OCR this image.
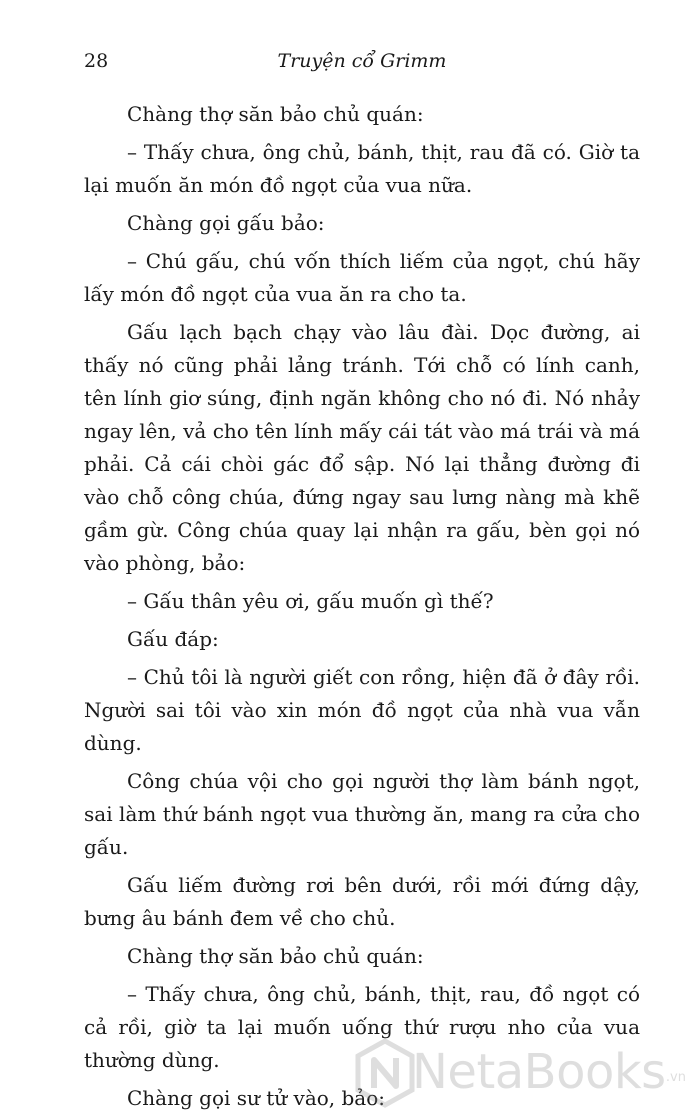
28	Truyện cổ Grimm

Chàng thợ săn bảo chủ quán:

– Thấy chưa, ông chủ, bánh, thịt, rau đã có. Giờ ta lại muốn ăn món đồ ngọt của vua nữa.

Chàng gọi gấu bảo:

– Chú gấu, chú vốn thích liếm của ngọt, chú hãy lấy món đồ ngọt của vua ăn ra cho ta.

Gấu lạch bạch chạy vào lâu đài. Dọc đường, ai thấy nó cũng phải lảng tránh. Tới chỗ có lính canh, tên lính giơ súng, định ngăn không cho nó đi. Nó nhảy ngay lên, vả cho tên lính mấy cái tát vào má trái và má phải. Cả cái chòi gác đổ sập. Nó lại thẳng đường đi vào chỗ công chúa, đứng ngay sau lưng nàng mà khẽ gầm gừ. Công chúa quay lại nhận ra gấu, bèn gọi nó vào phòng, bảo:

– Gấu thân yêu ơi, gấu muốn gì thế?

Gấu đáp:

– Chủ tôi là người giết con rồng, hiện đã ở đây rồi. Người sai tôi vào xin món đồ ngọt của nhà vua vẫn dùng.

Công chúa vội cho gọi người thợ làm bánh ngọt, sai làm thứ bánh ngọt vua thường ăn, mang ra cửa cho gấu.

Gấu liếm đường rơi bên dưới, rồi mới đứng dậy, bưng âu bánh đem về cho chủ.

Chàng thợ săn bảo chủ quán:

– Thấy chưa, ông chủ, bánh, thịt, rau, đồ ngọt có cả rồi, giờ ta lại muốn uống thứ rượu nho của vua thường dùng.

Chàng gọi sư tử vào, bảo: NetaBooks .vn
